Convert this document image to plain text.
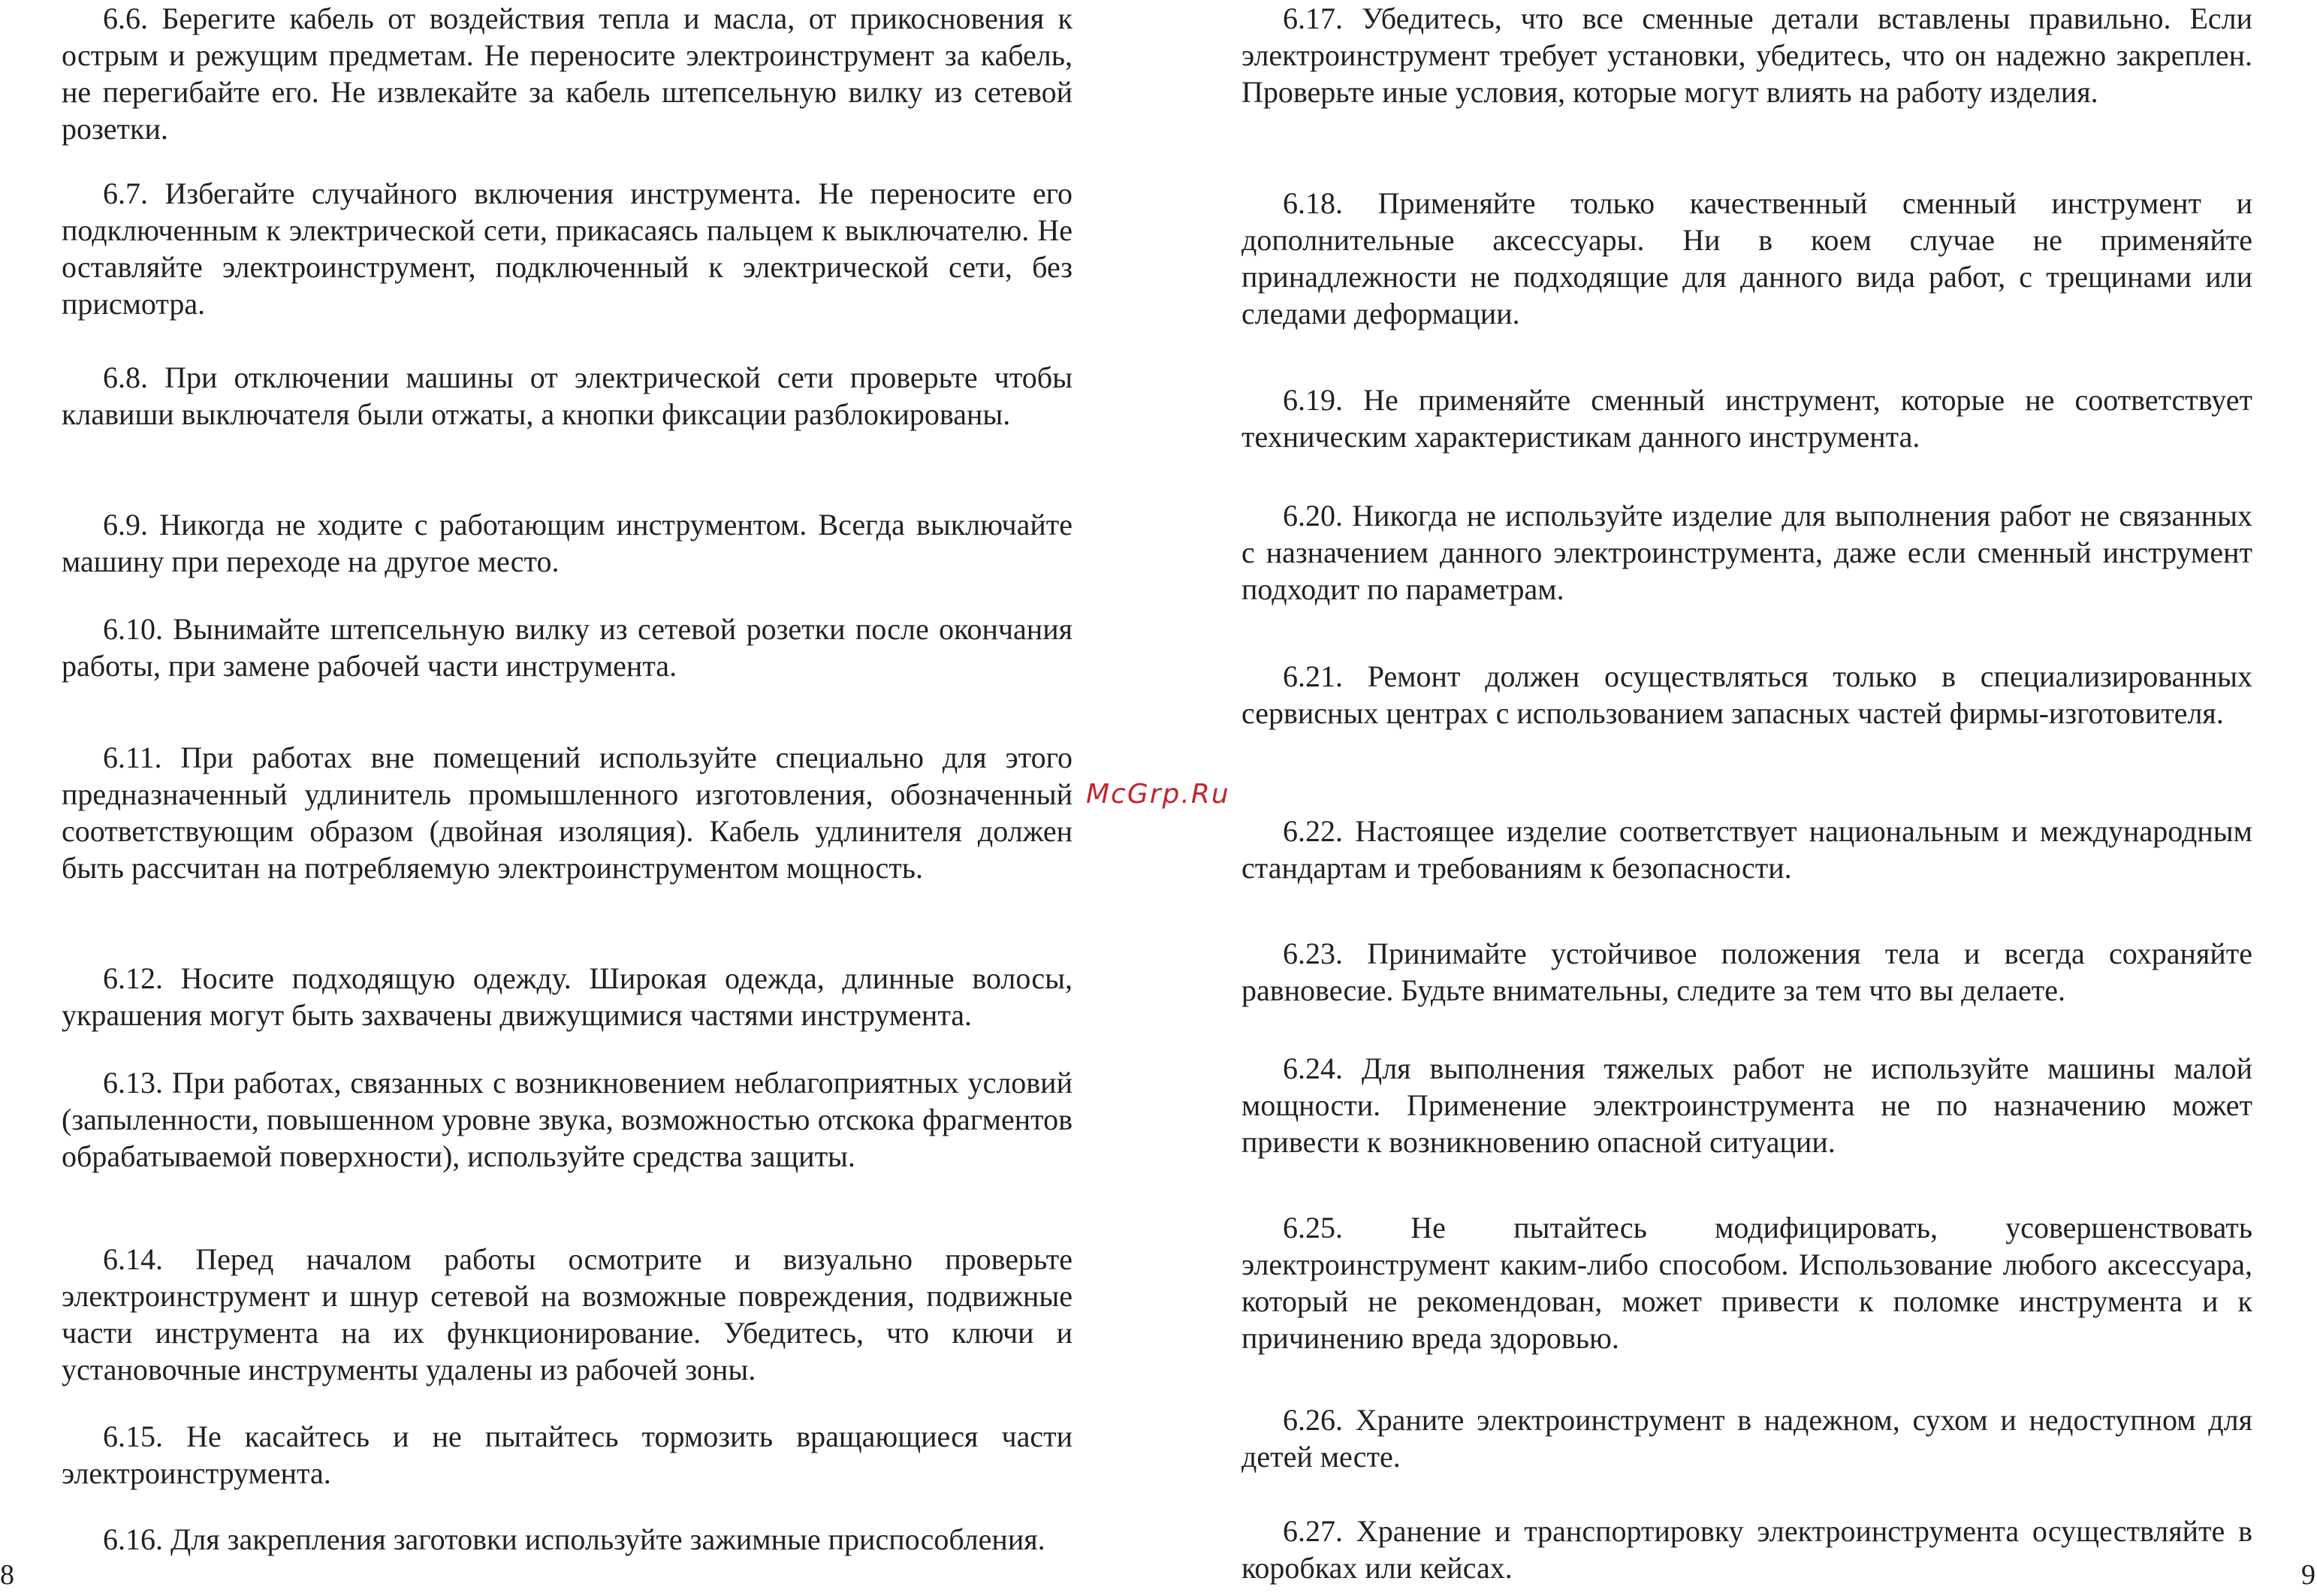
6.6. Берегите кабель от воздействия тепла и масла, от прикосновения к острым и режущим предметам. Не переносите электроинструмент за кабель, не перегибайте его. Не извлекайте за кабель штепсельную вилку из сетевой розетки.

6.7. Избегайте случайного включения инструмента. Не переносите его подключенным к электрической сети, прикасаясь пальцем к выключателю. Не оставляйте электроинструмент, подключенный к электрической сети, без присмотра.

6.8. При отключении машины от электрической сети проверьте чтобы клавиши выключателя были отжаты, а кнопки фиксации разблокированы.

6.9. Никогда не ходите с работающим инструментом. Всегда выключайте машину при переходе на другое место.

6.10. Вынимайте штепсельную вилку из сетевой розетки после окончания работы, при замене рабочей части инструмента.

6.11. При работах вне помещений используйте специально для этого предназначенный удлинитель промышленного изготовления, обозначенный соответствующим образом (двойная изоляция). Кабель удлинителя должен быть рассчитан на потребляемую электроинструментом мощность.

6.12. Носите подходящую одежду. Широкая одежда, длинные волосы, украшения могут быть захвачены движущимися частями инструмента.

6.13. При работах, связанных с возникновением неблагоприятных условий (запыленности, повышенном уровне звука, возможностью отскока фрагментов обрабатываемой поверхности), используйте средства защиты.

6.14. Перед началом работы осмотрите и визуально проверьте электроинструмент и шнур сетевой на возможные повреждения, подвижные части инструмента на их функционирование. Убедитесь, что ключи и установочные инструменты удалены из рабочей зоны.

6.15. Не касайтесь и не пытайтесь тормозить вращающиеся части электроинструмента.

6.16. Для закрепления заготовки используйте зажимные приспособления.

8
McGrp.Ru

6.17. Убедитесь, что все сменные детали вставлены правильно. Если электроинструмент требует установки, убедитесь, что он надежно закреплен. Проверьте иные условия, которые могут влиять на работу изделия.

6.18. Применяйте только качественный сменный инструмент и дополнительные аксессуары. Ни в коем случае не применяйте принадлежности не подходящие для данного вида работ, с трещинами или следами деформации.

6.19. Не применяйте сменный инструмент, которые не соответствует техническим характеристикам данного инструмента.

6.20. Никогда не используйте изделие для выполнения работ не связанных с назначением данного электроинструмента, даже если сменный инструмент подходит по параметрам.

6.21. Ремонт должен осуществляться только в специализированных сервисных центрах с использованием запасных частей фирмы-изготовителя.

6.22. Настоящее изделие соответствует национальным и международным стандартам и требованиям к безопасности.

6.23. Принимайте устойчивое положения тела и всегда сохраняйте равновесие. Будьте внимательны, следите за тем что вы делаете.

6.24. Для выполнения тяжелых работ не используйте машины малой мощности. Применение электроинструмента не по назначению может привести к возникновению опасной ситуации.

6.25. Не пытайтесь модифицировать, усовершенствовать электроинструмент каким-либо способом. Использование любого аксессуара, который не рекомендован, может привести к поломке инструмента и к причинению вреда здоровью.

6.26. Храните электроинструмент в надежном, сухом и недоступном для детей месте.

6.27. Хранение и транспортировку электроинструмента осуществляйте в коробках или кейсах.	9
